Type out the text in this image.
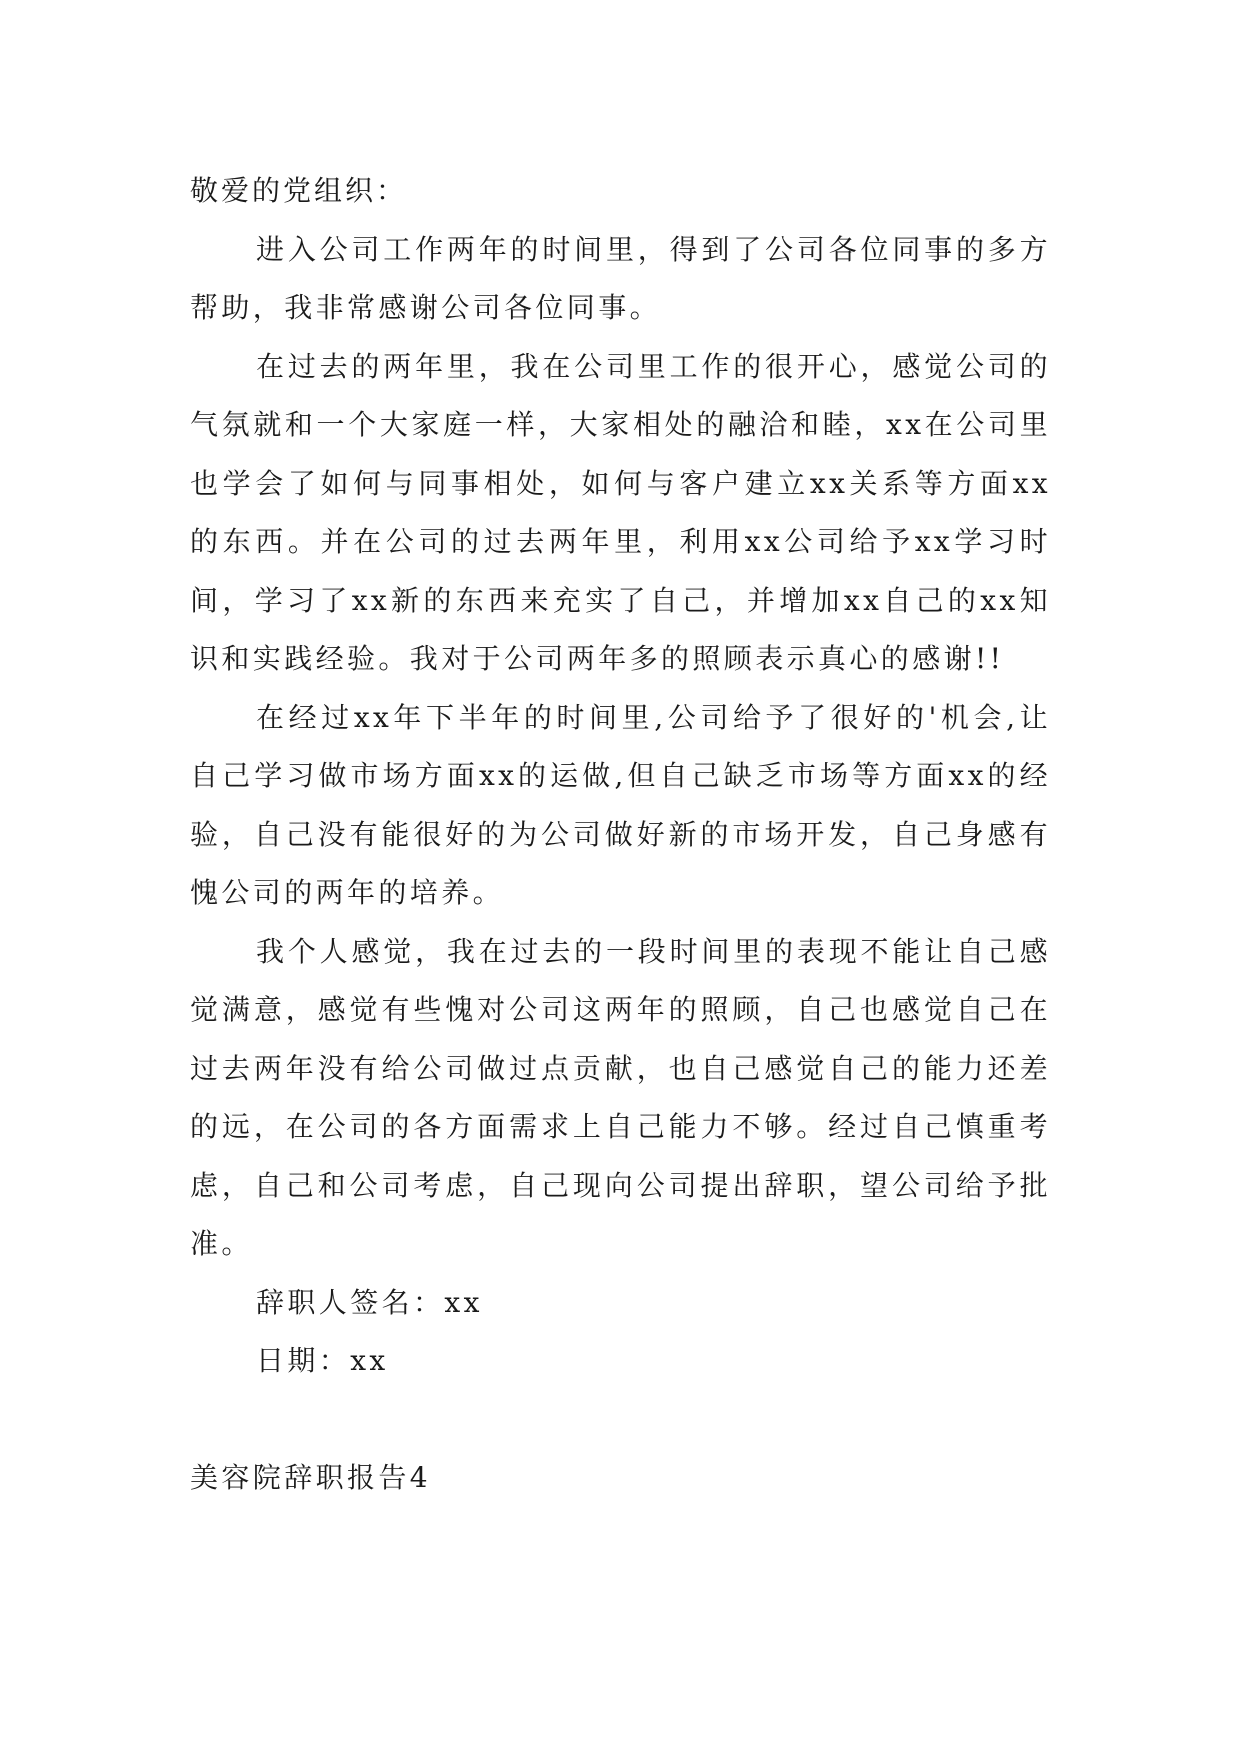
敬爱的党组织：

进入公司工作两年的时间里，得到了公司各位同事的多方帮助，我非常感谢公司各位同事。

在过去的两年里，我在公司里工作的很开心，感觉公司的气氛就和一个大家庭一样，大家相处的融洽和睦，xx在公司里也学会了如何与同事相处，如何与客户建立xx关系等方面xx的东西。并在公司的过去两年里，利用xx公司给予xx学习时间，学习了xx新的东西来充实了自己，并增加xx自己的xx知识和实践经验。我对于公司两年多的照顾表示真心的感谢!!

在经过xx年下半年的时间里,公司给予了很好的'机会,让自己学习做市场方面xx的运做,但自己缺乏市场等方面xx的经验，自己没有能很好的为公司做好新的市场开发，自己身感有愧公司的两年的培养。

我个人感觉，我在过去的一段时间里的表现不能让自己感觉满意，感觉有些愧对公司这两年的照顾，自己也感觉自己在过去两年没有给公司做过点贡献，也自己感觉自己的能力还差的远，在公司的各方面需求上自己能力不够。经过自己慎重考虑，自己和公司考虑，自己现向公司提出辞职，望公司给予批准。

辞职人签名：xx

日期：xx

美容院辞职报告4
